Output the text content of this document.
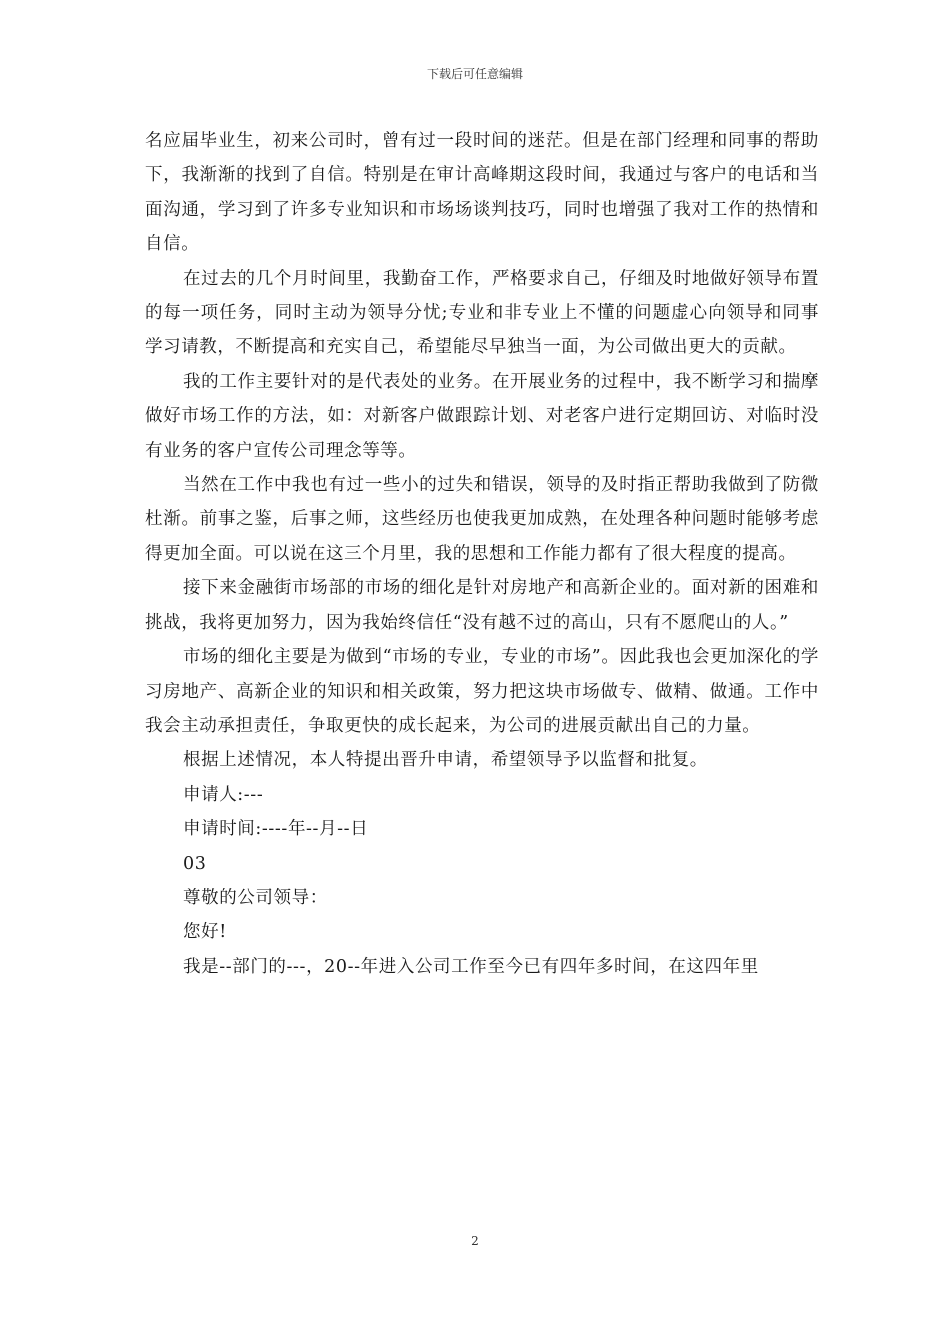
下载后可任意编辑

名应届毕业生，初来公司时，曾有过一段时间的迷茫。但是在部门经理和同事的帮助下，我渐渐的找到了自信。特别是在审计高峰期这段时间，我通过与客户的电话和当面沟通，学习到了许多专业知识和市场场谈判技巧，同时也增强了我对工作的热情和自信。

在过去的几个月时间里，我勤奋工作，严格要求自己，仔细及时地做好领导布置的每一项任务，同时主动为领导分忧;专业和非专业上不懂的问题虚心向领导和同事学习请教，不断提高和充实自己，希望能尽早独当一面，为公司做出更大的贡献。

我的工作主要针对的是代表处的业务。在开展业务的过程中，我不断学习和揣摩做好市场工作的方法，如：对新客户做跟踪计划、对老客户进行定期回访、对临时没有业务的客户宣传公司理念等等。

当然在工作中我也有过一些小的过失和错误，领导的及时指正帮助我做到了防微杜渐。前事之鉴，后事之师，这些经历也使我更加成熟，在处理各种问题时能够考虑得更加全面。可以说在这三个月里，我的思想和工作能力都有了很大程度的提高。

接下来金融街市场部的市场的细化是针对房地产和高新企业的。面对新的困难和挑战，我将更加努力，因为我始终信任“没有越不过的高山，只有不愿爬山的人。”

市场的细化主要是为做到“市场的专业，专业的市场”。因此我也会更加深化的学习房地产、高新企业的知识和相关政策，努力把这块市场做专、做精、做通。工作中我会主动承担责任，争取更快的成长起来，为公司的进展贡献出自己的力量。

根据上述情况，本人特提出晋升申请，希望领导予以监督和批复。

申请人:---

申请时间:----年--月--日

03

尊敬的公司领导：

您好!

我是--部门的---，20--年进入公司工作至今已有四年多时间，在这四年里

2
